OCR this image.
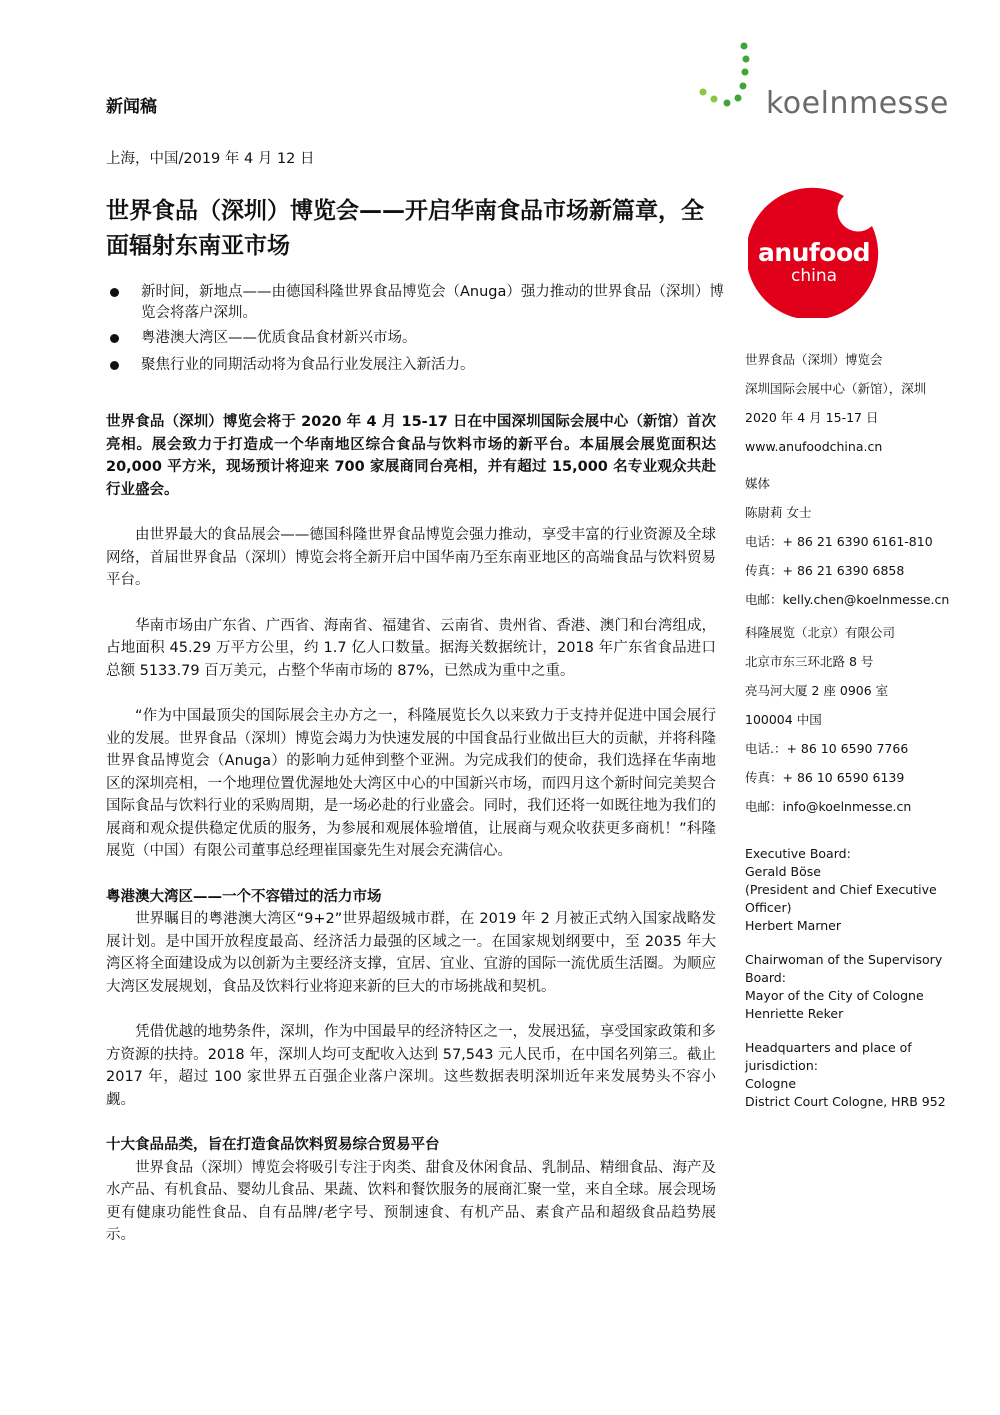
新闻稿
上海，中国/2019 年 4 月 12 日
世界食品（深圳）博览会——开启华南食品市场新篇章，全面辐射东南亚市场
koelnmesse
anufood
china
新时间，新地点——由德国科隆世界食品博览会（Anuga）强力推动的世界食品（深圳）博览会将落户深圳。
粤港澳大湾区——优质食品食材新兴市场。
聚焦行业的同期活动将为食品行业发展注入新活力。

世界食品（深圳）博览会将于 2020 年 4 月 15-17 日在中国深圳国际会展中心（新馆）首次亮相。展会致力于打造成一个华南地区综合食品与饮料市场的新平台。本届展会展览面积达 20,000 平方米，现场预计将迎来 700 家展商同台亮相，并有超过 15,000 名专业观众共赴行业盛会。

由世界最大的食品展会——德国科隆世界食品博览会强力推动，享受丰富的行业资源及全球网络，首届世界食品（深圳）博览会将全新开启中国华南乃至东南亚地区的高端食品与饮料贸易平台。

华南市场由广东省、广西省、海南省、福建省、云南省、贵州省、香港、澳门和台湾组成，占地面积 45.29 万平方公里，约 1.7 亿人口数量。据海关数据统计，2018 年广东省食品进口总额 5133.79 百万美元，占整个华南市场的 87%，已然成为重中之重。

“作为中国最顶尖的国际展会主办方之一，科隆展览长久以来致力于支持并促进中国会展行业的发展。世界食品（深圳）博览会竭力为快速发展的中国食品行业做出巨大的贡献，并将科隆世界食品博览会（Anuga）的影响力延伸到整个亚洲。为完成我们的使命，我们选择在华南地区的深圳亮相，一个地理位置优渥地处大湾区中心的中国新兴市场，而四月这个新时间完美契合国际食品与饮料行业的采购周期，是一场必赴的行业盛会。同时，我们还将一如既往地为我们的展商和观众提供稳定优质的服务，为参展和观展体验增值，让展商与观众收获更多商机！”科隆展览（中国）有限公司董事总经理崔国豪先生对展会充满信心。

粤港澳大湾区——一个不容错过的活力市场

世界瞩目的粤港澳大湾区“9+2”世界超级城市群，在 2019 年 2 月被正式纳入国家战略发展计划。是中国开放程度最高、经济活力最强的区域之一。在国家规划纲要中，至 2035 年大湾区将全面建设成为以创新为主要经济支撑，宜居、宜业、宜游的国际一流优质生活圈。为顺应大湾区发展规划，食品及饮料行业将迎来新的巨大的市场挑战和契机。

凭借优越的地势条件，深圳，作为中国最早的经济特区之一，发展迅猛，享受国家政策和多方资源的扶持。2018 年，深圳人均可支配收入达到 57,543 元人民币，在中国名列第三。截止 2017 年，超过 100 家世界五百强企业落户深圳。这些数据表明深圳近年来发展势头不容小觑。

十大食品品类，旨在打造食品饮料贸易综合贸易平台

世界食品（深圳）博览会将吸引专注于肉类、甜食及休闲食品、乳制品、精细食品、海产及水产品、有机食品、婴幼儿食品、果蔬、饮料和餐饮服务的展商汇聚一堂，来自全球。展会现场更有健康功能性食品、自有品牌/老字号、预制速食、有机产品、素食产品和超级食品趋势展示。

世界食品（深圳）博览会
深圳国际会展中心（新馆），深圳
2020 年 4 月 15-17 日
www.anufoodchina.cn
媒体
陈尉莉 女士
电话：+ 86 21 6390 6161-810
传真：+ 86 21 6390 6858
电邮：kelly.chen@koelnmesse.cn
科隆展览（北京）有限公司
北京市东三环北路 8 号
亮马河大厦 2 座 0906 室
100004 中国
电话.：+ 86 10 6590 7766
传真：+ 86 10 6590 6139
电邮：info@koelnmesse.cn
Executive Board:
Gerald Böse
(President and Chief Executive
Officer)
Herbert Marner
Chairwoman of the Supervisory
Board:
Mayor of the City of Cologne
Henriette Reker
Headquarters and place of
jurisdiction:
Cologne
District Court Cologne, HRB 952
